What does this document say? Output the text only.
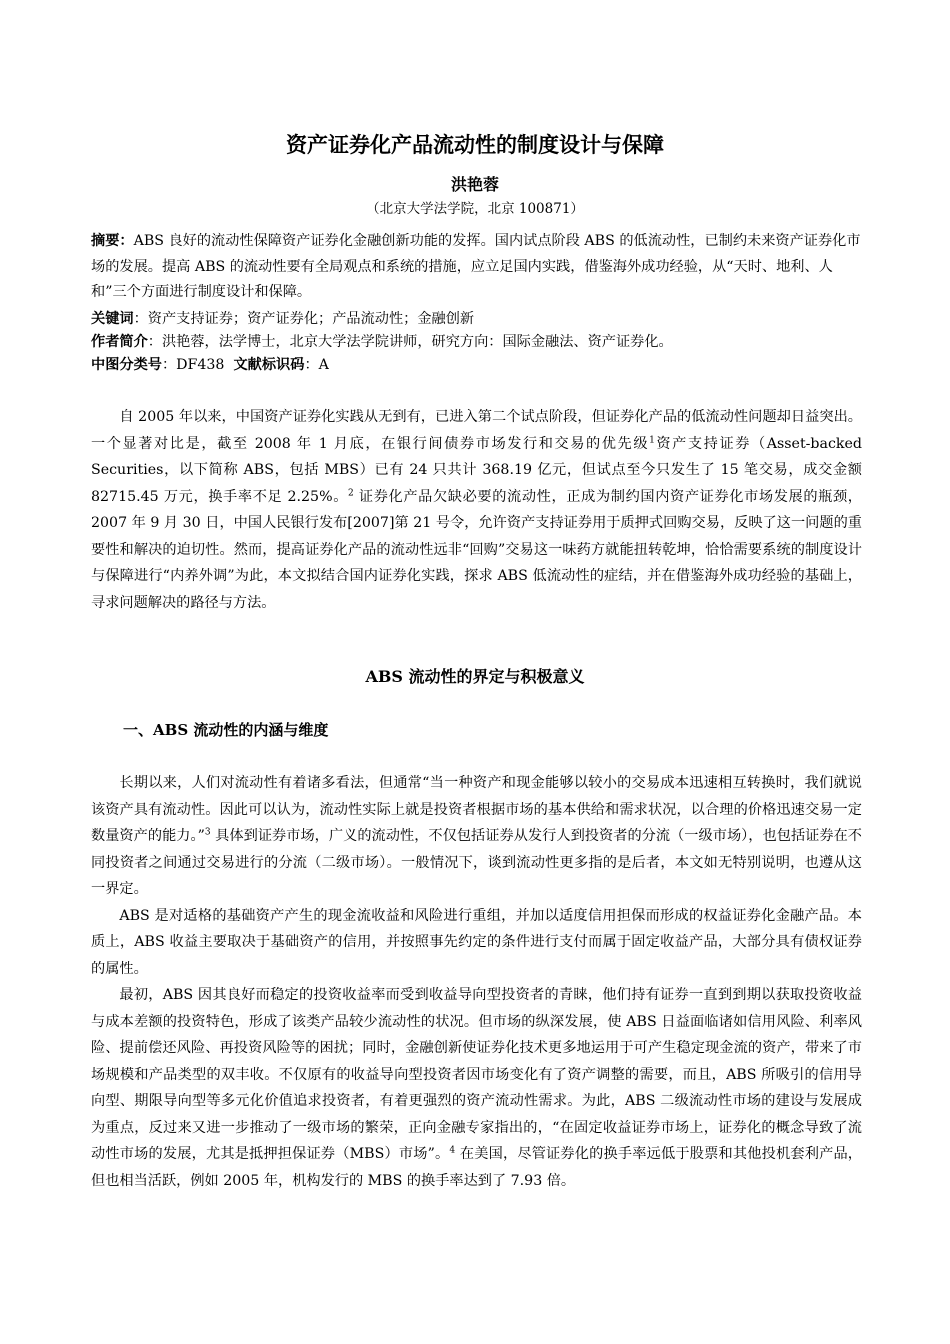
资产证券化产品流动性的制度设计与保障
洪艳蓉
（北京大学法学院，北京 100871）
摘要：ABS 良好的流动性保障资产证券化金融创新功能的发挥。国内试点阶段 ABS 的低流动性，已制约未来资产证券化市场的发展。提高 ABS 的流动性要有全局观点和系统的措施，应立足国内实践，借鉴海外成功经验，从“天时、地利、人和”三个方面进行制度设计和保障。
关键词：资产支持证券；资产证券化；产品流动性；金融创新
作者简介：洪艳蓉，法学博士，北京大学法学院讲师，研究方向：国际金融法、资产证券化。
中图分类号：DF438 文献标识码：A

自 2005 年以来，中国资产证券化实践从无到有，已进入第二个试点阶段，但证券化产品的低流动性问题却日益突出。一个显著对比是，截至 2008 年 1 月底，在银行间债券市场发行和交易的优先级$^1$资产支持证券（Asset-backed Securities，以下简称 ABS，包括 MBS）已有 24 只共计 368.19 亿元，但试点至今只发生了 15 笔交易，成交金额 82715.45 万元，换手率不足 2.25%。$^2$ 证券化产品欠缺必要的流动性，正成为制约国内资产证券化市场发展的瓶颈，2007 年 9 月 30 日，中国人民银行发布[2007]第 21 号令，允许资产支持证券用于质押式回购交易，反映了这一问题的重要性和解决的迫切性。然而，提高证券化产品的流动性远非“回购”交易这一味药方就能扭转乾坤，恰恰需要系统的制度设计与保障进行“内养外调”为此，本文拟结合国内证券化实践，探求 ABS 低流动性的症结，并在借鉴海外成功经验的基础上，寻求问题解决的路径与方法。

ABS 流动性的界定与积极意义
一、ABS 流动性的内涵与维度

长期以来，人们对流动性有着诸多看法，但通常“当一种资产和现金能够以较小的交易成本迅速相互转换时，我们就说该资产具有流动性。因此可以认为，流动性实际上就是投资者根据市场的基本供给和需求状况，以合理的价格迅速交易一定数量资产的能力。”$^3$ 具体到证券市场，广义的流动性，不仅包括证券从发行人到投资者的分流（一级市场），也包括证券在不同投资者之间通过交易进行的分流（二级市场）。一般情况下，谈到流动性更多指的是后者，本文如无特别说明，也遵从这一界定。

ABS 是对适格的基础资产产生的现金流收益和风险进行重组，并加以适度信用担保而形成的权益证券化金融产品。本质上，ABS 收益主要取决于基础资产的信用，并按照事先约定的条件进行支付而属于固定收益产品，大部分具有债权证券的属性。

最初，ABS 因其良好而稳定的投资收益率而受到收益导向型投资者的青睐，他们持有证券一直到到期以获取投资收益与成本差额的投资特色，形成了该类产品较少流动性的状况。但市场的纵深发展，使 ABS 日益面临诸如信用风险、利率风险、提前偿还风险、再投资风险等的困扰；同时，金融创新使证券化技术更多地运用于可产生稳定现金流的资产，带来了市场规模和产品类型的双丰收。不仅原有的收益导向型投资者因市场变化有了资产调整的需要，而且，ABS 所吸引的信用导向型、期限导向型等多元化价值追求投资者，有着更强烈的资产流动性需求。为此，ABS 二级流动性市场的建设与发展成为重点，反过来又进一步推动了一级市场的繁荣，正向金融专家指出的，“在固定收益证券市场上，证券化的概念导致了流动性市场的发展，尤其是抵押担保证券（MBS）市场”。$^4$ 在美国，尽管证券化的换手率远低于股票和其他投机套利产品，但也相当活跃，例如 2005 年，机构发行的 MBS 的换手率达到了 7.93 倍。
